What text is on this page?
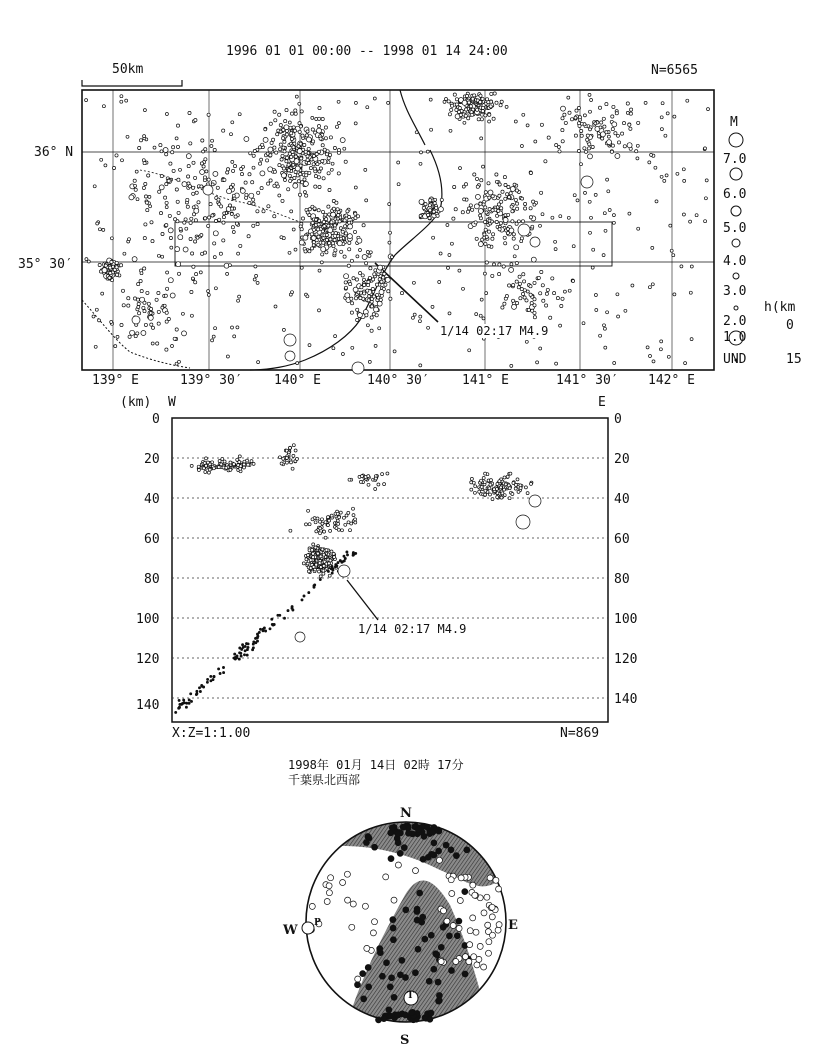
1996 01 01 00:00 -- 1998 01 14 24:00
N=6565
50km
36° N
35° 30′
139° E	139° 30′ 140° E	140° 30′ 141° E	141° 30′ 142° E
1/14 02:17 M4.9
M
7.0
6.0
5.0
4.0
3.0
2.0
1.0
UND
h(km
0
15
(km) W	E
0
20
40
60
80
100
120
140
0
20
40
60
80
100
120
140
1/14 02:17 M4.9
X:Z=1:1.00	N=869
1998年 01月 14日 02時 17分
千葉県北西部
N
S
E
W P
T
